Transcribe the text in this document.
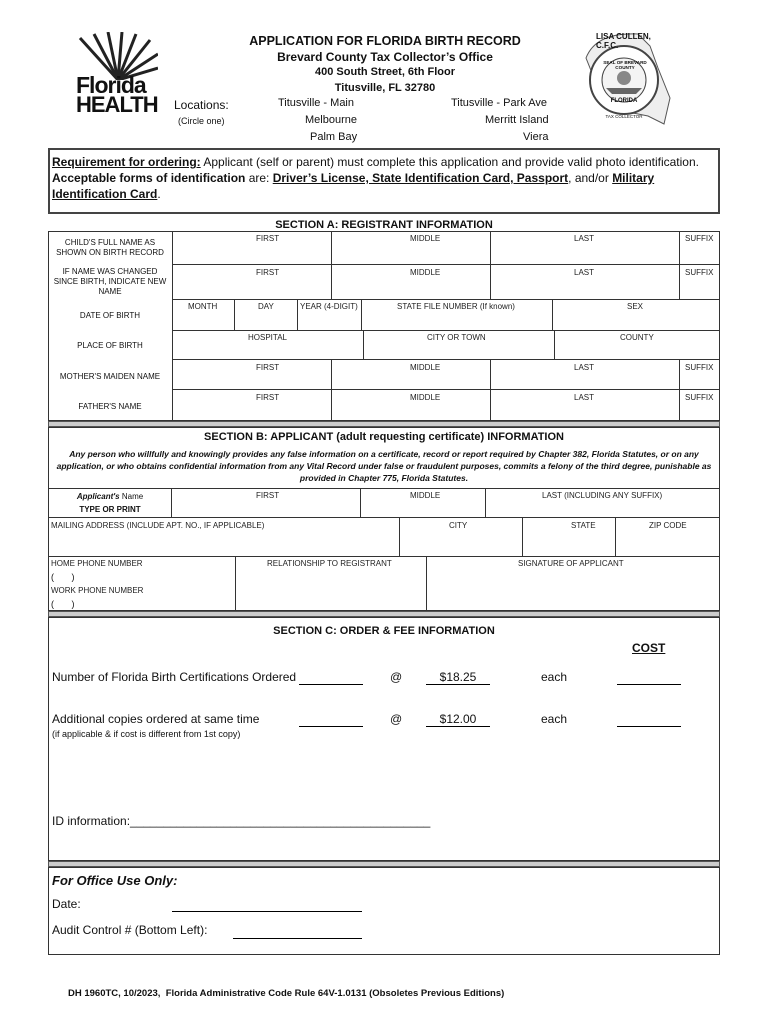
Florida
HEALTH
APPLICATION FOR FLORIDA BIRTH RECORD
Brevard County Tax Collector’s Office
400 South Street, 6th Floor
Titusville, FL 32780
Locations:
(Circle one)
Titusville - Main
Melbourne
Palm Bay
Titusville - Park Ave
Merritt Island
Viera
LISA CULLEN, C.F.C.
SEAL OF BREVARD COUNTY
FLORIDA
TAX COLLECTOR
Requirement for ordering: Applicant (self or parent) must complete this application and provide valid photo identification. Acceptable forms of identification are: Driver’s License, State Identification Card, Passport, and/or Military Identification Card.
SECTION A: REGISTRANT INFORMATION
CHILD'S FULL NAME AS SHOWN ON BIRTH RECORD
FIRST	MIDDLE	LAST	SUFFIX
IF NAME WAS CHANGED SINCE BIRTH, INDICATE NEW NAME
FIRST	MIDDLE	LAST	SUFFIX
DATE OF BIRTH
MONTH	DAY	YEAR (4-DIGIT)	STATE FILE NUMBER (If known)	SEX
PLACE OF BIRTH
HOSPITAL	CITY OR TOWN	COUNTY
MOTHER'S MAIDEN NAME
FIRST	MIDDLE	LAST	SUFFIX
FATHER'S NAME
FIRST	MIDDLE	LAST	SUFFIX
SECTION B: APPLICANT (adult requesting certificate) INFORMATION
Any person who willfully and knowingly provides any false information on a certificate, record or report required by Chapter 382, Florida Statutes, or on any application, or who obtains confidential information from any Vital Record under false or fraudulent purposes, commits a felony of the third degree, punishable as provided in Chapter 775, Florida Statutes.
Applicant's Name
TYPE OR PRINT
FIRST	MIDDLE	LAST (INCLUDING ANY SUFFIX)
MAILING ADDRESS (INCLUDE APT. NO., IF APPLICABLE)	CITY	STATE	ZIP CODE
HOME PHONE NUMBER
(       )
WORK PHONE NUMBER
(       )
RELATIONSHIP TO REGISTRANT	SIGNATURE OF APPLICANT
SECTION C: ORDER & FEE INFORMATION
COST
Number of Florida Birth Certifications Ordered	@	$18.25	each
Additional copies ordered at same time	@	$12.00	each
(if applicable & if cost is different from 1st copy)
ID information:_____________________________________________
For Office Use Only:
Date:
Audit Control # (Bottom Left):
DH 1960TC, 10/2023,  Florida Administrative Code Rule 64V-1.0131 (Obsoletes Previous Editions)
